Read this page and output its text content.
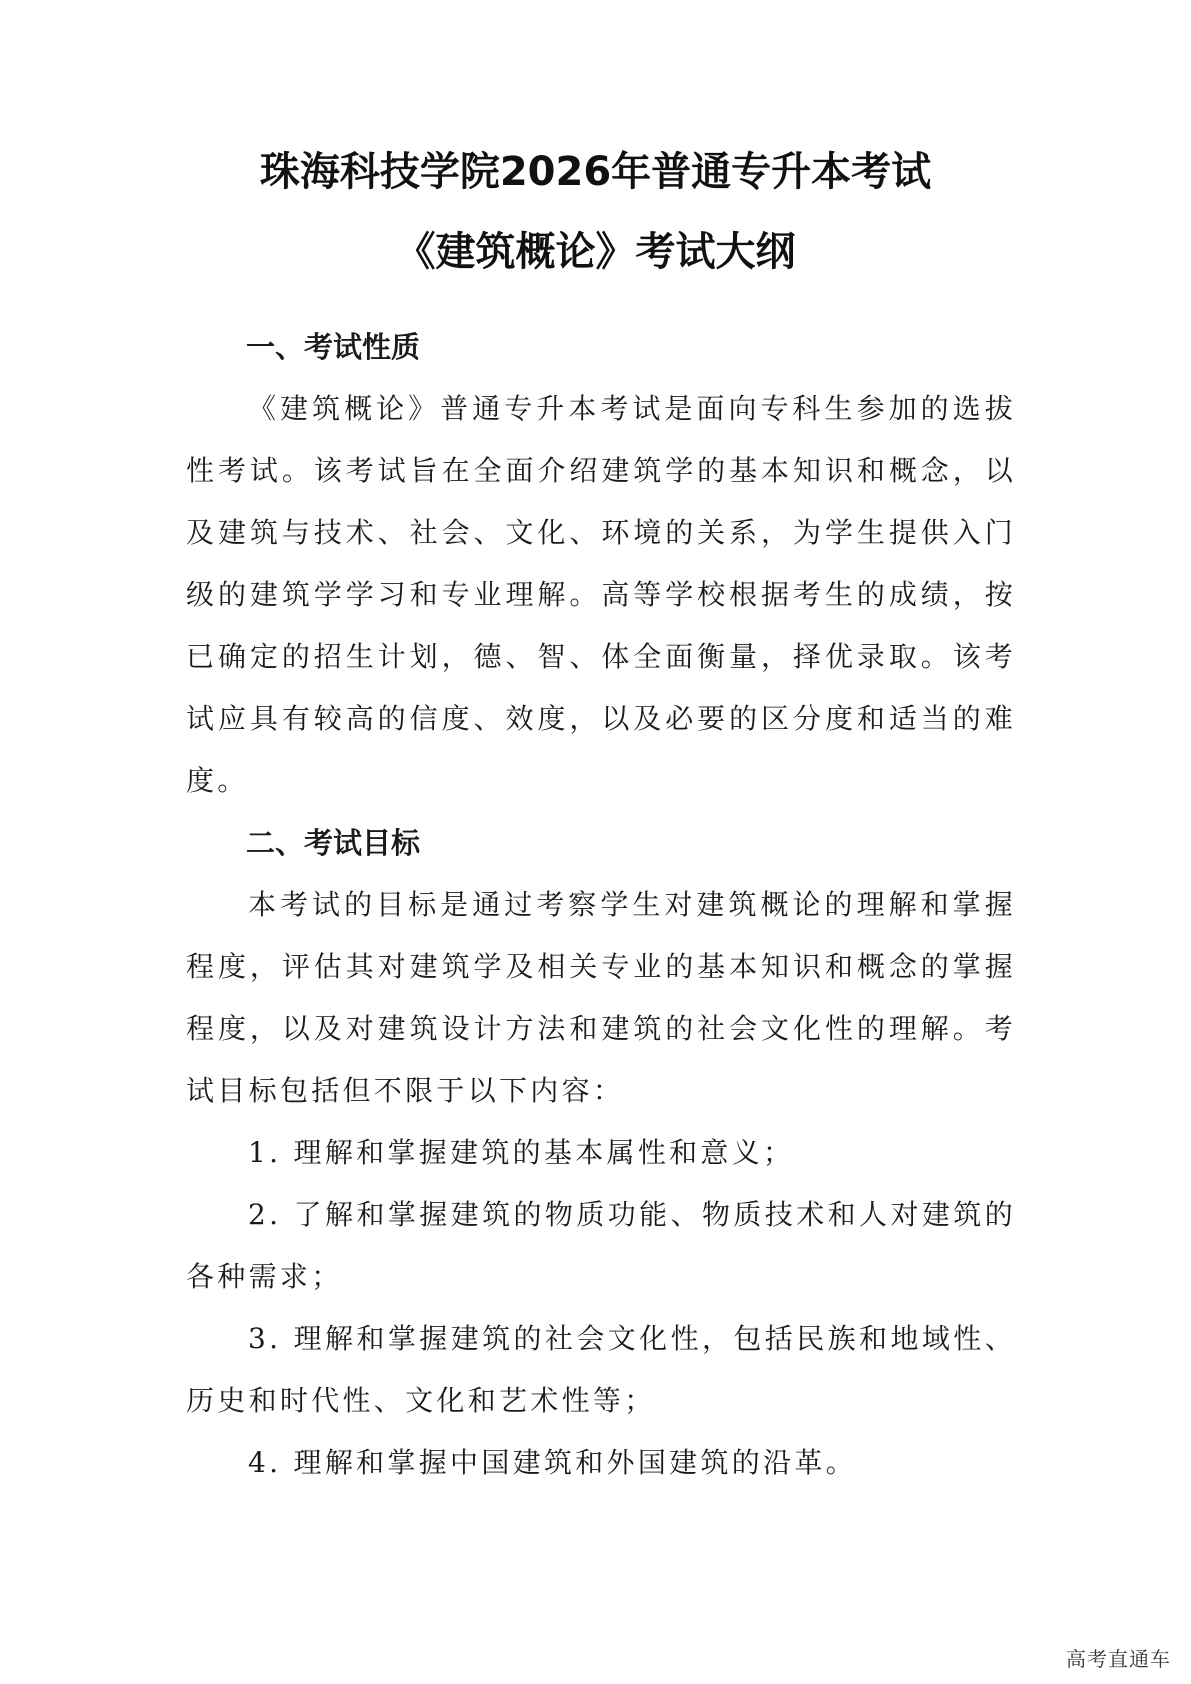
珠海科技学院2026年普通专升本考试
《建筑概论》考试大纲

一、考试性质

《建筑概论》普通专升本考试是面向专科生参加的选拔性考试。该考试旨在全面介绍建筑学的基本知识和概念，以及建筑与技术、社会、文化、环境的关系，为学生提供入门级的建筑学学习和专业理解。高等学校根据考生的成绩，按已确定的招生计划，德、智、体全面衡量，择优录取。该考试应具有较高的信度、效度，以及必要的区分度和适当的难度。

二、考试目标

本考试的目标是通过考察学生对建筑概论的理解和掌握程度，评估其对建筑学及相关专业的基本知识和概念的掌握程度，以及对建筑设计方法和建筑的社会文化性的理解。考试目标包括但不限于以下内容：

1. 理解和掌握建筑的基本属性和意义；

2. 了解和掌握建筑的物质功能、物质技术和人对建筑的各种需求；

3. 理解和掌握建筑的社会文化性，包括民族和地域性、历史和时代性、文化和艺术性等；

4. 理解和掌握中国建筑和外国建筑的沿革。

高考直通车
